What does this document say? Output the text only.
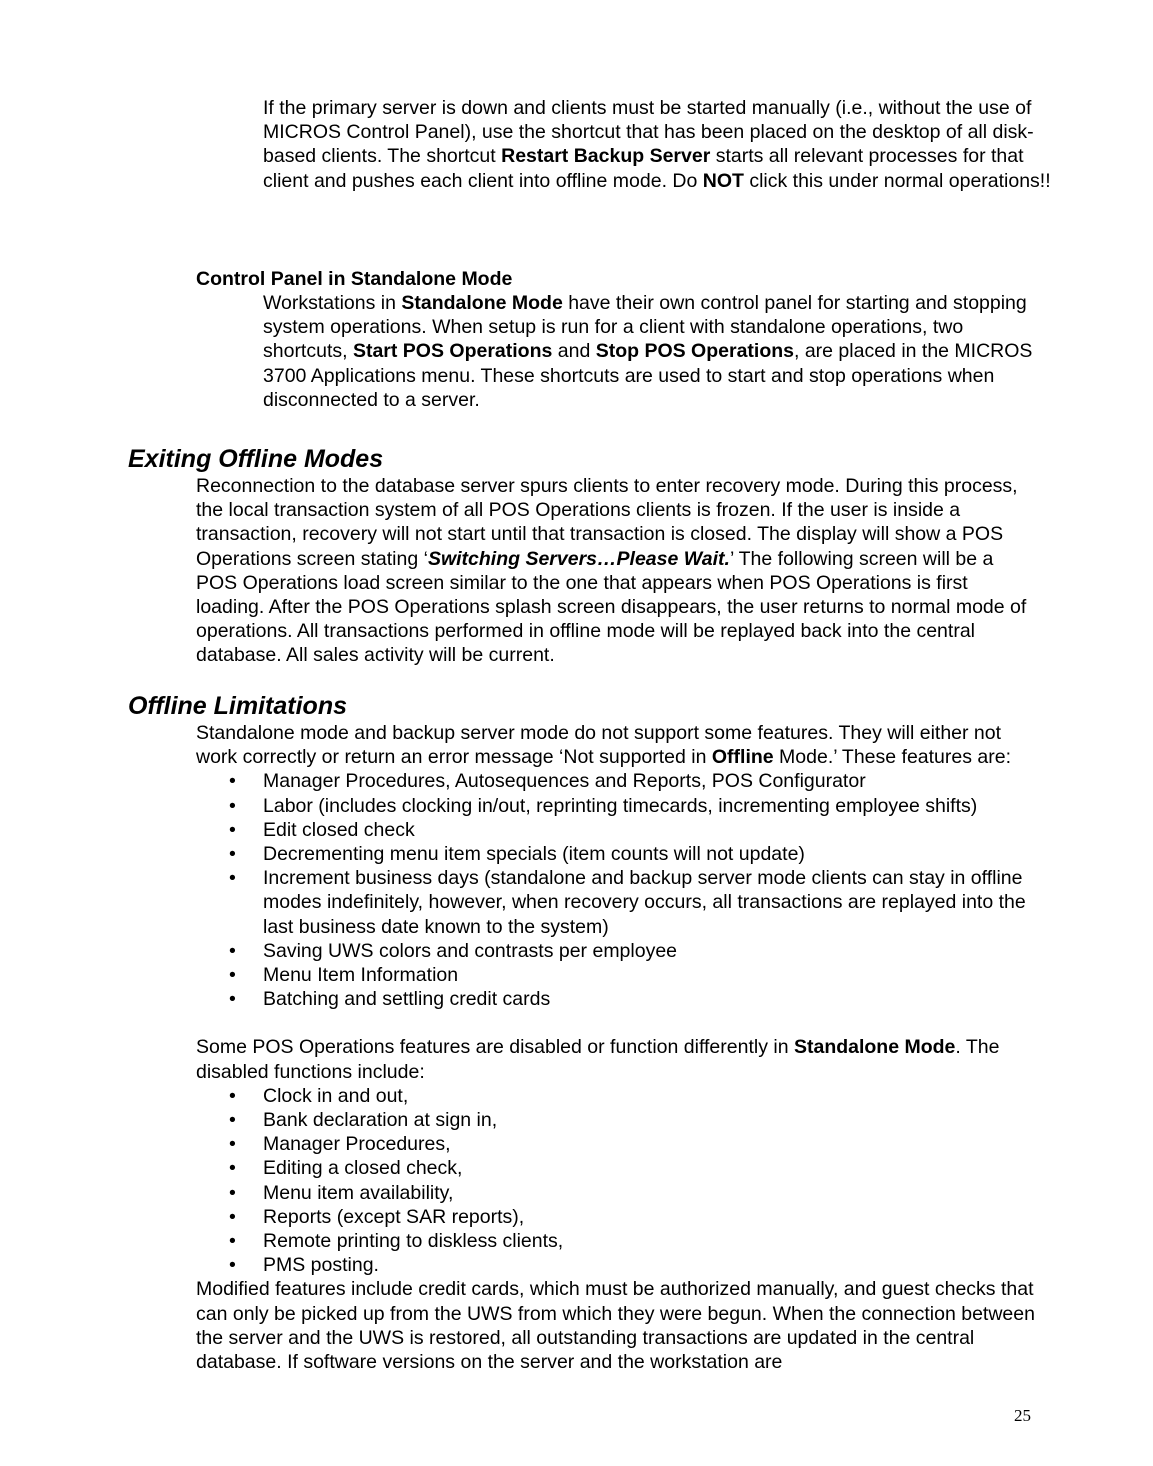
If the primary server is down and clients must be started manually (i.e., without the use of MICROS Control Panel), use the shortcut that has been placed on the desktop of all disk-based clients. The shortcut Restart Backup Server starts all relevant processes for that client and pushes each client into offline mode. Do NOT click this under normal operations!!

Control Panel in Standalone Mode

Workstations in Standalone Mode have their own control panel for starting and stopping system operations. When setup is run for a client with standalone operations, two shortcuts, Start POS Operations and Stop POS Operations, are placed in the MICROS 3700 Applications menu. These shortcuts are used to start and stop operations when disconnected to a server.

Exiting Offline Modes

Reconnection to the database server spurs clients to enter recovery mode. During this process, the local transaction system of all POS Operations clients is frozen. If the user is inside a transaction, recovery will not start until that transaction is closed. The display will show a POS Operations screen stating ‘Switching Servers…Please Wait.’ The following screen will be a POS Operations load screen similar to the one that appears when POS Operations is first loading. After the POS Operations splash screen disappears, the user returns to normal mode of operations. All transactions performed in offline mode will be replayed back into the central database. All sales activity will be current.

Offline Limitations

Standalone mode and backup server mode do not support some features. They will either not work correctly or return an error message ‘Not supported in Offline Mode.’ These features are:

• Manager Procedures, Autosequences and Reports, POS Configurator
• Labor (includes clocking in/out, reprinting timecards, incrementing employee shifts)
• Edit closed check
• Decrementing menu item specials (item counts will not update)
• Increment business days (standalone and backup server mode clients can stay in offline modes indefinitely, however, when recovery occurs, all transactions are replayed into the last business date known to the system)
• Saving UWS colors and contrasts per employee
• Menu Item Information
• Batching and settling credit cards

Some POS Operations features are disabled or function differently in Standalone Mode. The disabled functions include:

• Clock in and out,
• Bank declaration at sign in,
• Manager Procedures,
• Editing a closed check,
• Menu item availability,
• Reports (except SAR reports),
• Remote printing to diskless clients,
• PMS posting.

Modified features include credit cards, which must be authorized manually, and guest checks that can only be picked up from the UWS from which they were begun. When the connection between the server and the UWS is restored, all outstanding transactions are updated in the central database. If software versions on the server and the workstation are

25
